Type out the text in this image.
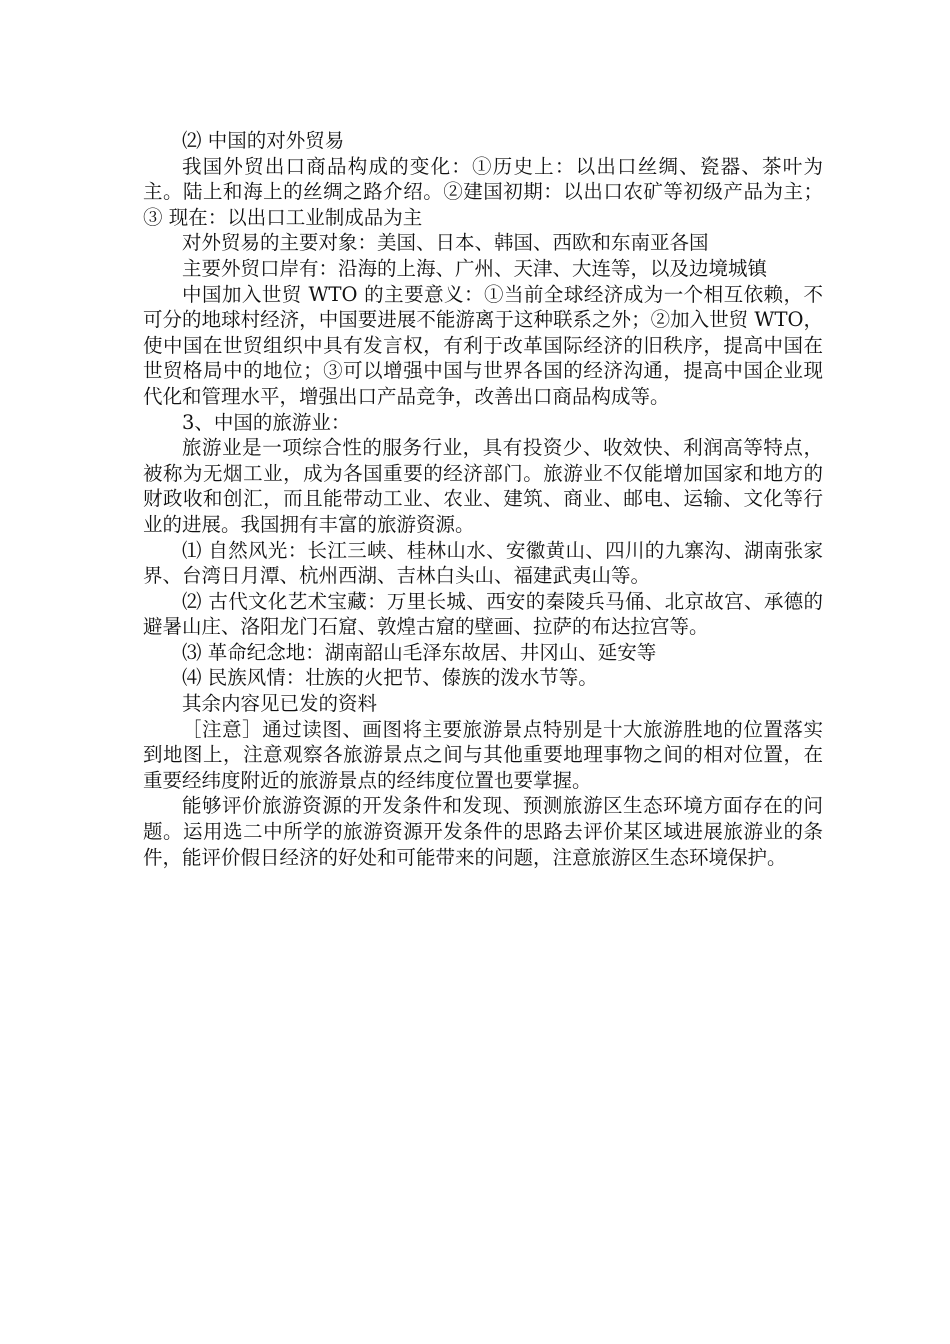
⑵ 中国的对外贸易

我国外贸出口商品构成的变化：①历史上：以出口丝绸、瓷器、茶叶为主。陆上和海上的丝绸之路介绍。②建国初期：以出口农矿等初级产品为主；③ 现在：以出口工业制成品为主

对外贸易的主要对象：美国、日本、韩国、西欧和东南亚各国

主要外贸口岸有：沿海的上海、广州、天津、大连等，以及边境城镇

中国加入世贸 WTO 的主要意义：①当前全球经济成为一个相互依赖，不可分的地球村经济，中国要进展不能游离于这种联系之外；②加入世贸 WTO，使中国在世贸组织中具有发言权，有利于改革国际经济的旧秩序，提高中国在世贸格局中的地位；③可以增强中国与世界各国的经济沟通，提高中国企业现代化和管理水平，增强出口产品竞争，改善出口商品构成等。

3、中国的旅游业：

旅游业是一项综合性的服务行业，具有投资少、收效快、利润高等特点，被称为无烟工业，成为各国重要的经济部门。旅游业不仅能增加国家和地方的财政收和创汇，而且能带动工业、农业、建筑、商业、邮电、运输、文化等行业的进展。我国拥有丰富的旅游资源。

⑴ 自然风光：长江三峡、桂林山水、安徽黄山、四川的九寨沟、湖南张家界、台湾日月潭、杭州西湖、吉林白头山、福建武夷山等。

⑵ 古代文化艺术宝藏：万里长城、西安的秦陵兵马俑、北京故宫、承德的避暑山庄、洛阳龙门石窟、敦煌古窟的壁画、拉萨的布达拉宫等。

⑶ 革命纪念地：湖南韶山毛泽东故居、井冈山、延安等

⑷ 民族风情：壮族的火把节、傣族的泼水节等。

其余内容见已发的资料

［注意］通过读图、画图将主要旅游景点特别是十大旅游胜地的位置落实到地图上，注意观察各旅游景点之间与其他重要地理事物之间的相对位置，在重要经纬度附近的旅游景点的经纬度位置也要掌握。

能够评价旅游资源的开发条件和发现、预测旅游区生态环境方面存在的问题。运用选二中所学的旅游资源开发条件的思路去评价某区域进展旅游业的条件，能评价假日经济的好处和可能带来的问题，注意旅游区生态环境保护。
